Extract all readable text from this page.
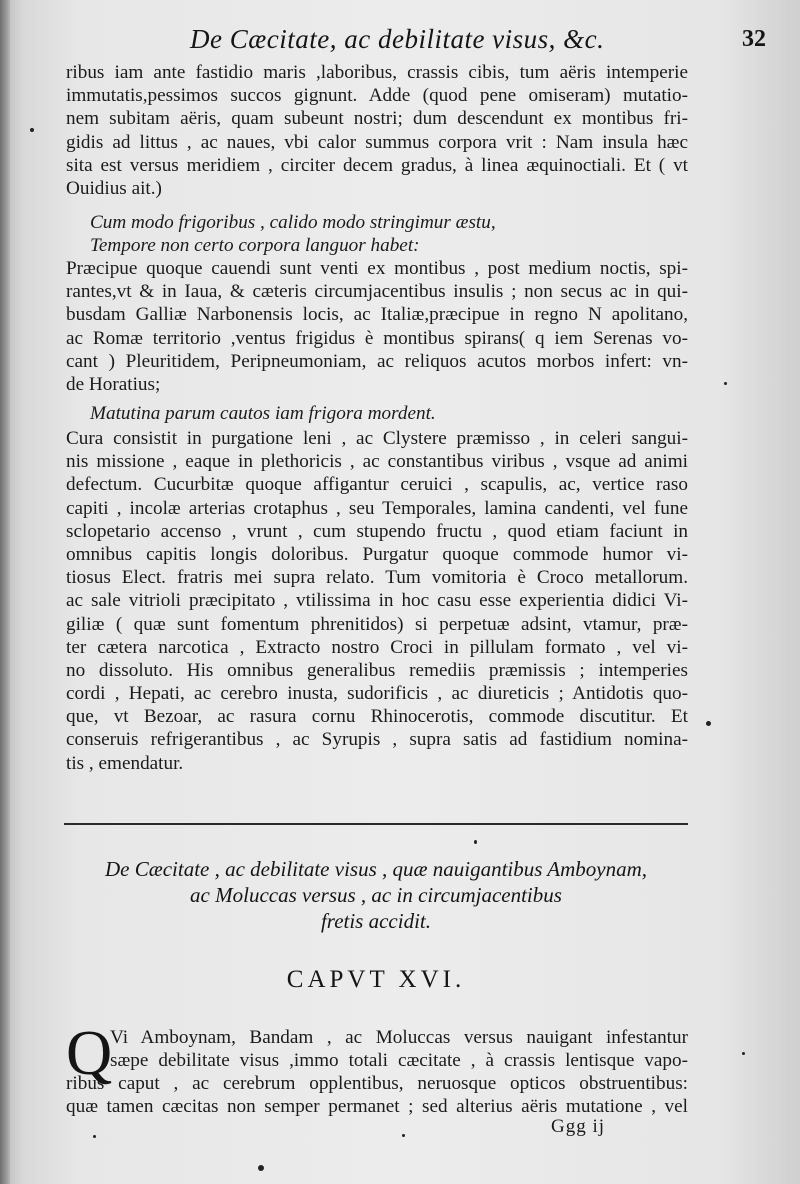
De Cæcitate, ac debilitate visus, &c.	32
ribus iam ante fastidio maris ,laboribus, crassis cibis, tum aëris intemperie
immutatis,pessimos succos gignunt. Adde (quod pene omiseram) mutatio-
nem subitam aëris, quam subeunt nostri; dum descendunt ex montibus fri-
gidis ad littus , ac naues, vbi calor summus corpora vrit : Nam insula hæc
sita est versus meridiem , circiter decem gradus, à linea æquinoctiali. Et ( vt
Ouidius ait.)
Cum modo frigoribus , calido modo stringimur æstu,
Tempore non certo corpora languor habet:
Præcipue quoque cauendi sunt venti ex montibus , post medium noctis, spi-
rantes,vt & in Iaua, & cæteris circumjacentibus insulis ; non secus ac in qui-
busdam Galliæ Narbonensis locis, ac Italiæ,præcipue in regno N apolitano,
ac Romæ territorio ,ventus frigidus è montibus spirans( q iem Serenas vo-
cant ) Pleuritidem, Peripneumoniam, ac reliquos acutos morbos infert: vn-
de Horatius;
Matutina parum cautos iam frigora mordent.
Cura consistit in purgatione leni , ac Clystere præmisso , in celeri sangui-
nis missione , eaque in plethoricis , ac constantibus viribus , vsque ad animi
defectum. Cucurbitæ quoque affigantur ceruici , scapulis, ac, vertice raso
capiti , incolæ arterias crotaphus , seu Temporales, lamina candenti, vel fune
sclopetario accenso , vrunt , cum stupendo fructu , quod etiam faciunt in
omnibus capitis longis doloribus. Purgatur quoque commode humor vi-
tiosus Elect. fratris mei supra relato. Tum vomitoria è Croco metallorum.
ac sale vitrioli præcipitato , vtilissima in hoc casu esse experientia didici Vi-
giliæ ( quæ sunt fomentum phrenitidos) si perpetuæ adsint, vtamur, præ-
ter cætera narcotica , Extracto nostro Croci in pillulam formato , vel vi-
no dissoluto. His omnibus generalibus remediis præmissis ; intemperies
cordi , Hepati, ac cerebro inusta, sudorificis , ac diureticis ; Antidotis quo-
que, vt Bezoar, ac rasura cornu Rhinocerotis, commode discutitur. Et
conseruis refrigerantibus , ac Syrupis , supra satis ad fastidium nomina-
tis , emendatur.
De Cæcitate , ac debilitate visus , quæ nauigantibus Amboynam,
ac Moluccas versus , ac in circumjacentibus
fretis accidit.
CAPVT XVI.
Q
Vi Amboynam, Bandam , ac Moluccas versus nauigant infestantur
sæpe debilitate visus ,immo totali cæcitate , à crassis lentisque vapo-
ribus caput , ac cerebrum opplentibus, neruosque opticos obstruentibus:
quæ tamen cæcitas non semper permanet ; sed alterius aëris mutatione , vel
Ggg ij
